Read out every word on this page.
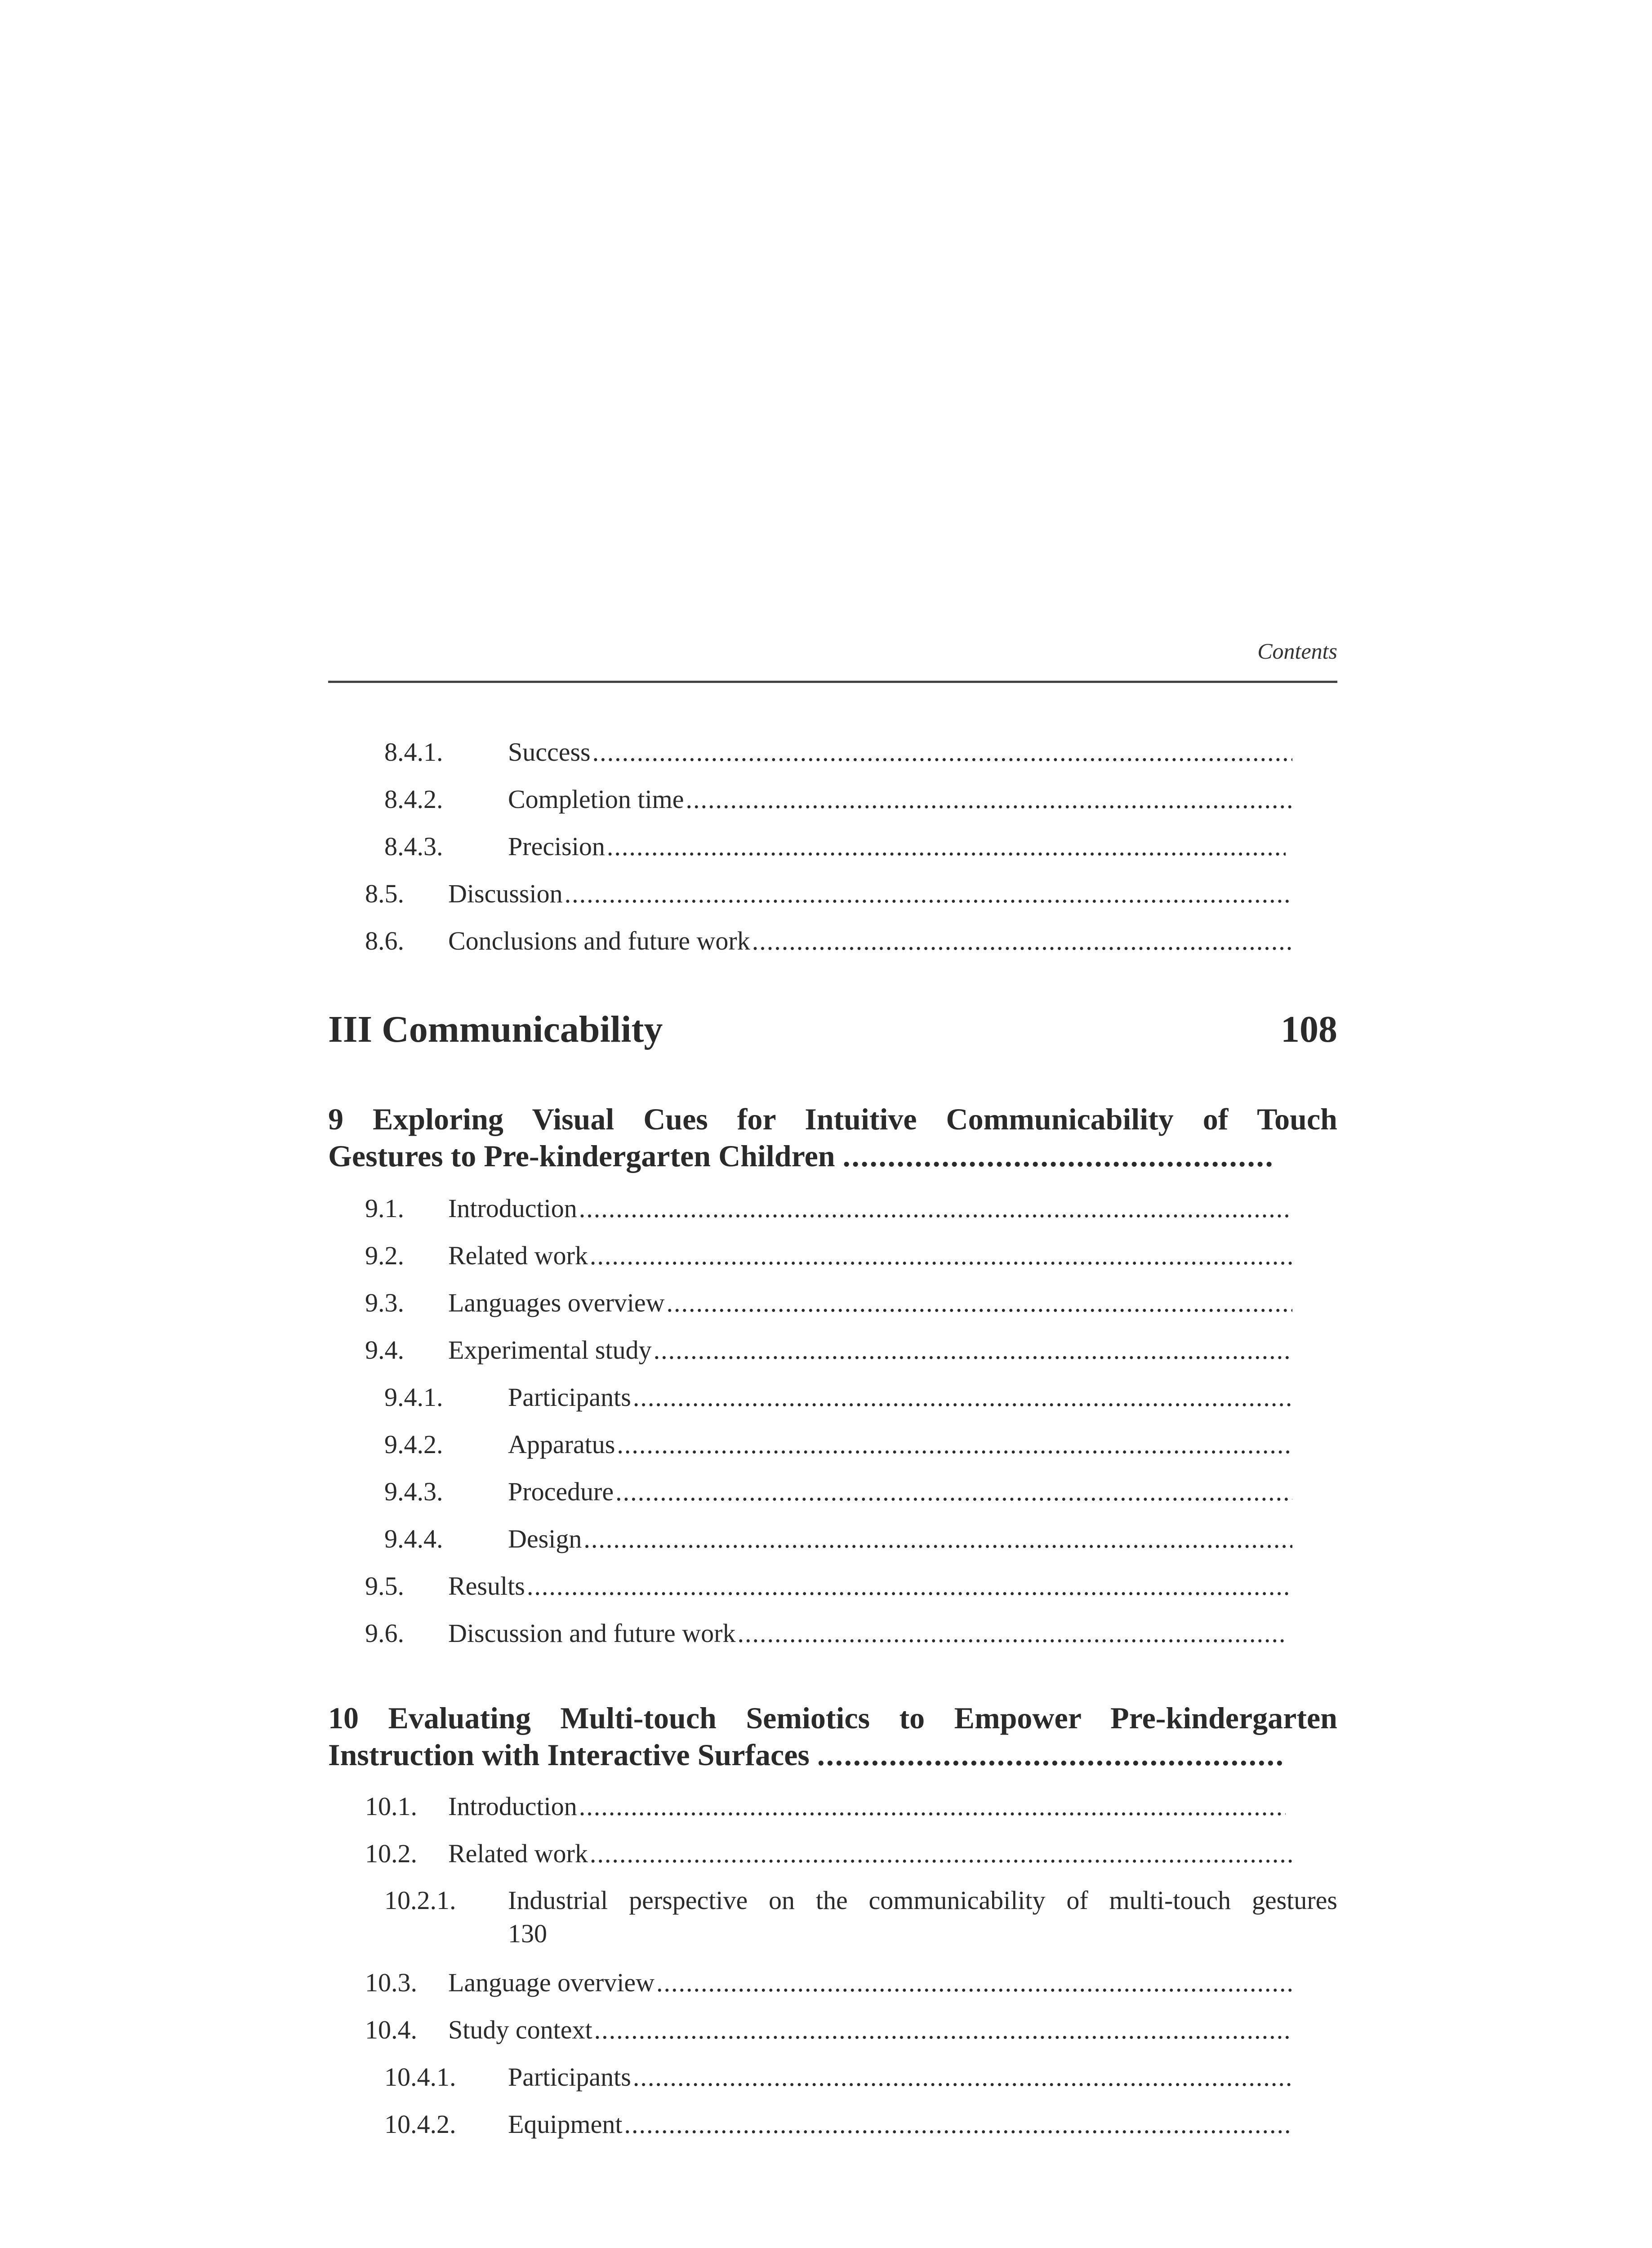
Contents
8.4.1. Success
.....
8.4.2. Completion time
.....
8.4.3. Precision
.....
8.5. Discussion
.....
8.6. Conclusions and future work
.....
III Communicability	108
9 Exploring Visual Cues for Intuitive Communicability of Touch
Gestures to Pre-kindergarten Children ................................................
9.1. Introduction
.....
9.2. Related work
.....
9.3. Languages overview
.....
9.4. Experimental study
.....
9.4.1. Participants
.....
9.4.2. Apparatus
.....
9.4.3. Procedure
.....
9.4.4. Design
.....
9.5. Results
.....
9.6. Discussion and future work
.....
10 Evaluating Multi-touch Semiotics to Empower Pre-kindergarten
Instruction with Interactive Surfaces ....................................................
10.1. Introduction
.....
10.2. Related work
.....
10.2.1. Industrial perspective on the communicability of multi-touch gestures
130
10.3. Language overview
.....
10.4. Study context
.....
10.4.1. Participants
.....
10.4.2. Equipment
.....
